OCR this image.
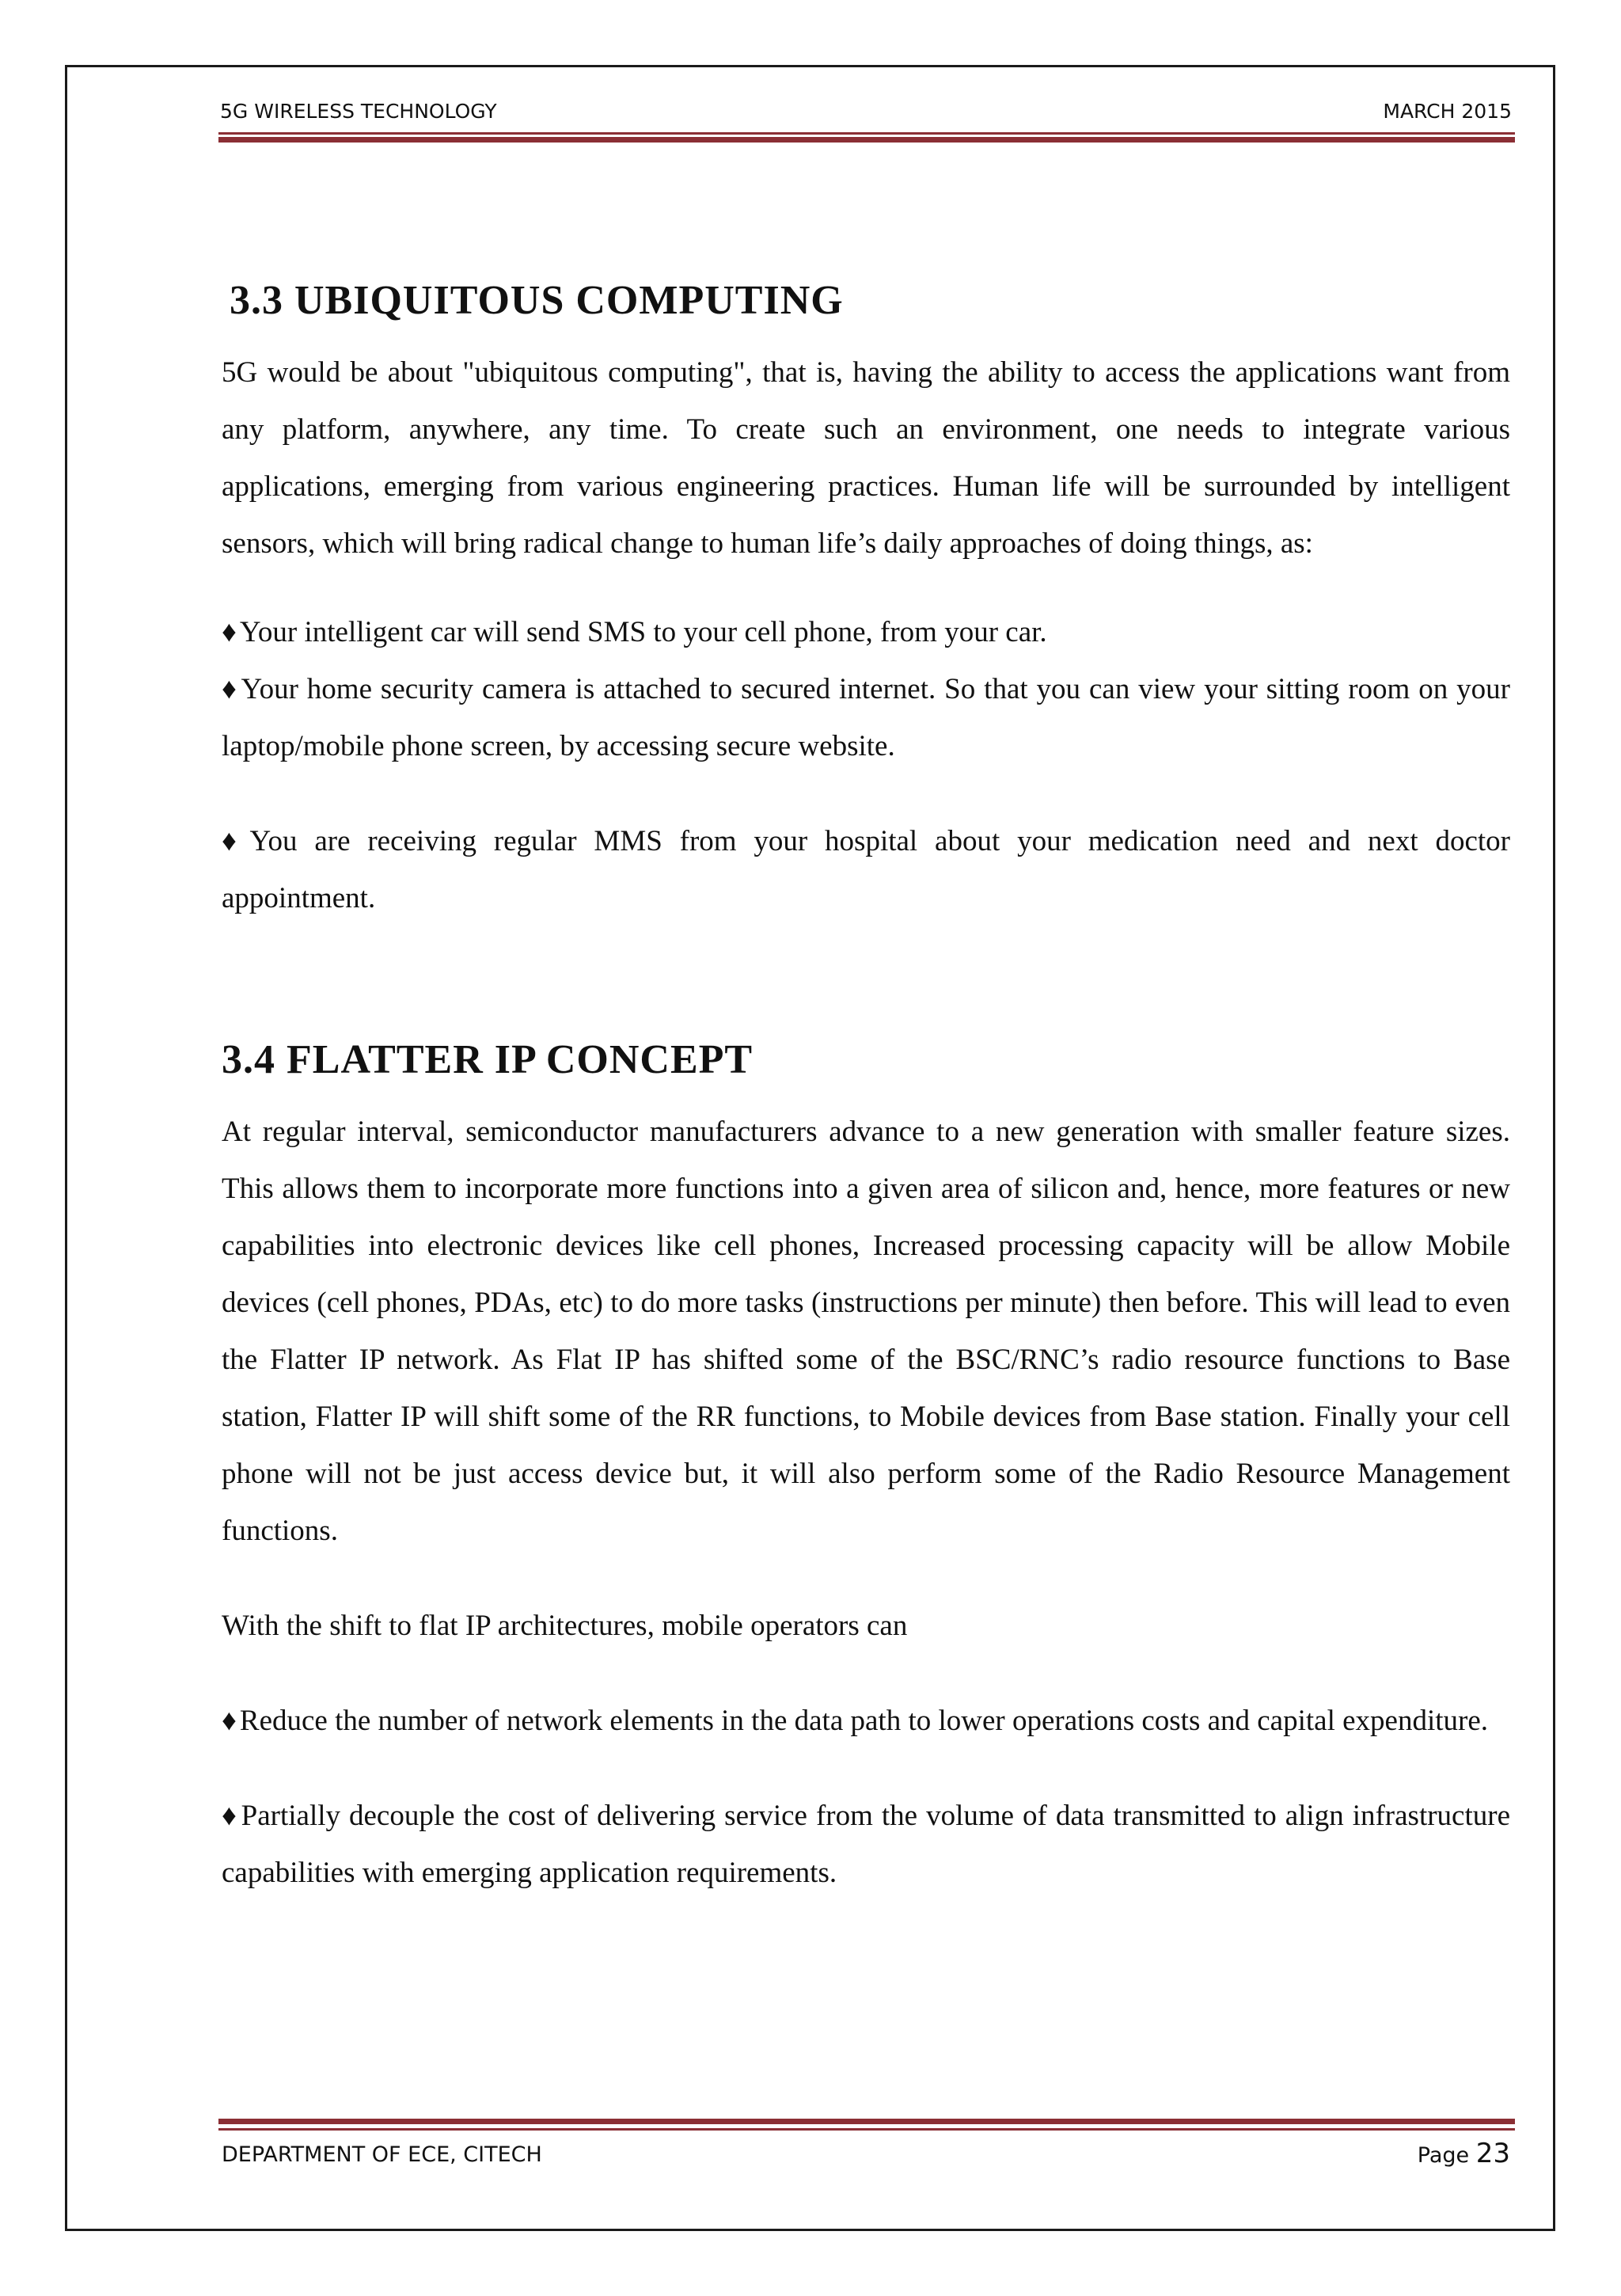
5G WIRELESS TECHNOLOGY	MARCH 2015
3.3 UBIQUITOUS COMPUTING

5G would be about "ubiquitous computing", that is, having the ability to access the applications want from any platform, anywhere, any time. To create such an environment, one needs to integrate various applications, emerging from various engineering practices. Human life will be surrounded by intelligent sensors, which will bring radical change to human life’s daily approaches of doing things, as:

♦ Your intelligent car will send SMS to your cell phone, from your car.

♦ Your home security camera is attached to secured internet. So that you can view your sitting room on your laptop/mobile phone screen, by accessing secure website.

♦ You are receiving regular MMS from your hospital about your medication need and next doctor appointment.

3.4 FLATTER IP CONCEPT

At regular interval, semiconductor manufacturers advance to a new generation with smaller feature sizes. This allows them to incorporate more functions into a given area of silicon and, hence, more features or new capabilities into electronic devices like cell phones, Increased processing capacity will be allow Mobile devices (cell phones, PDAs, etc) to do more tasks (instructions per minute) then before. This will lead to even the Flatter IP network. As Flat IP has shifted some of the BSC/RNC’s radio resource functions to Base station, Flatter IP will shift some of the RR functions, to Mobile devices from Base station. Finally your cell phone will not be just access device but, it will also perform some of the Radio Resource Management functions.

With the shift to flat IP architectures, mobile operators can

♦ Reduce the number of network elements in the data path to lower operations costs and capital expenditure.

♦ Partially decouple the cost of delivering service from the volume of data transmitted to align infrastructure capabilities with emerging application requirements.

DEPARTMENT OF ECE, CITECH	Page 23
